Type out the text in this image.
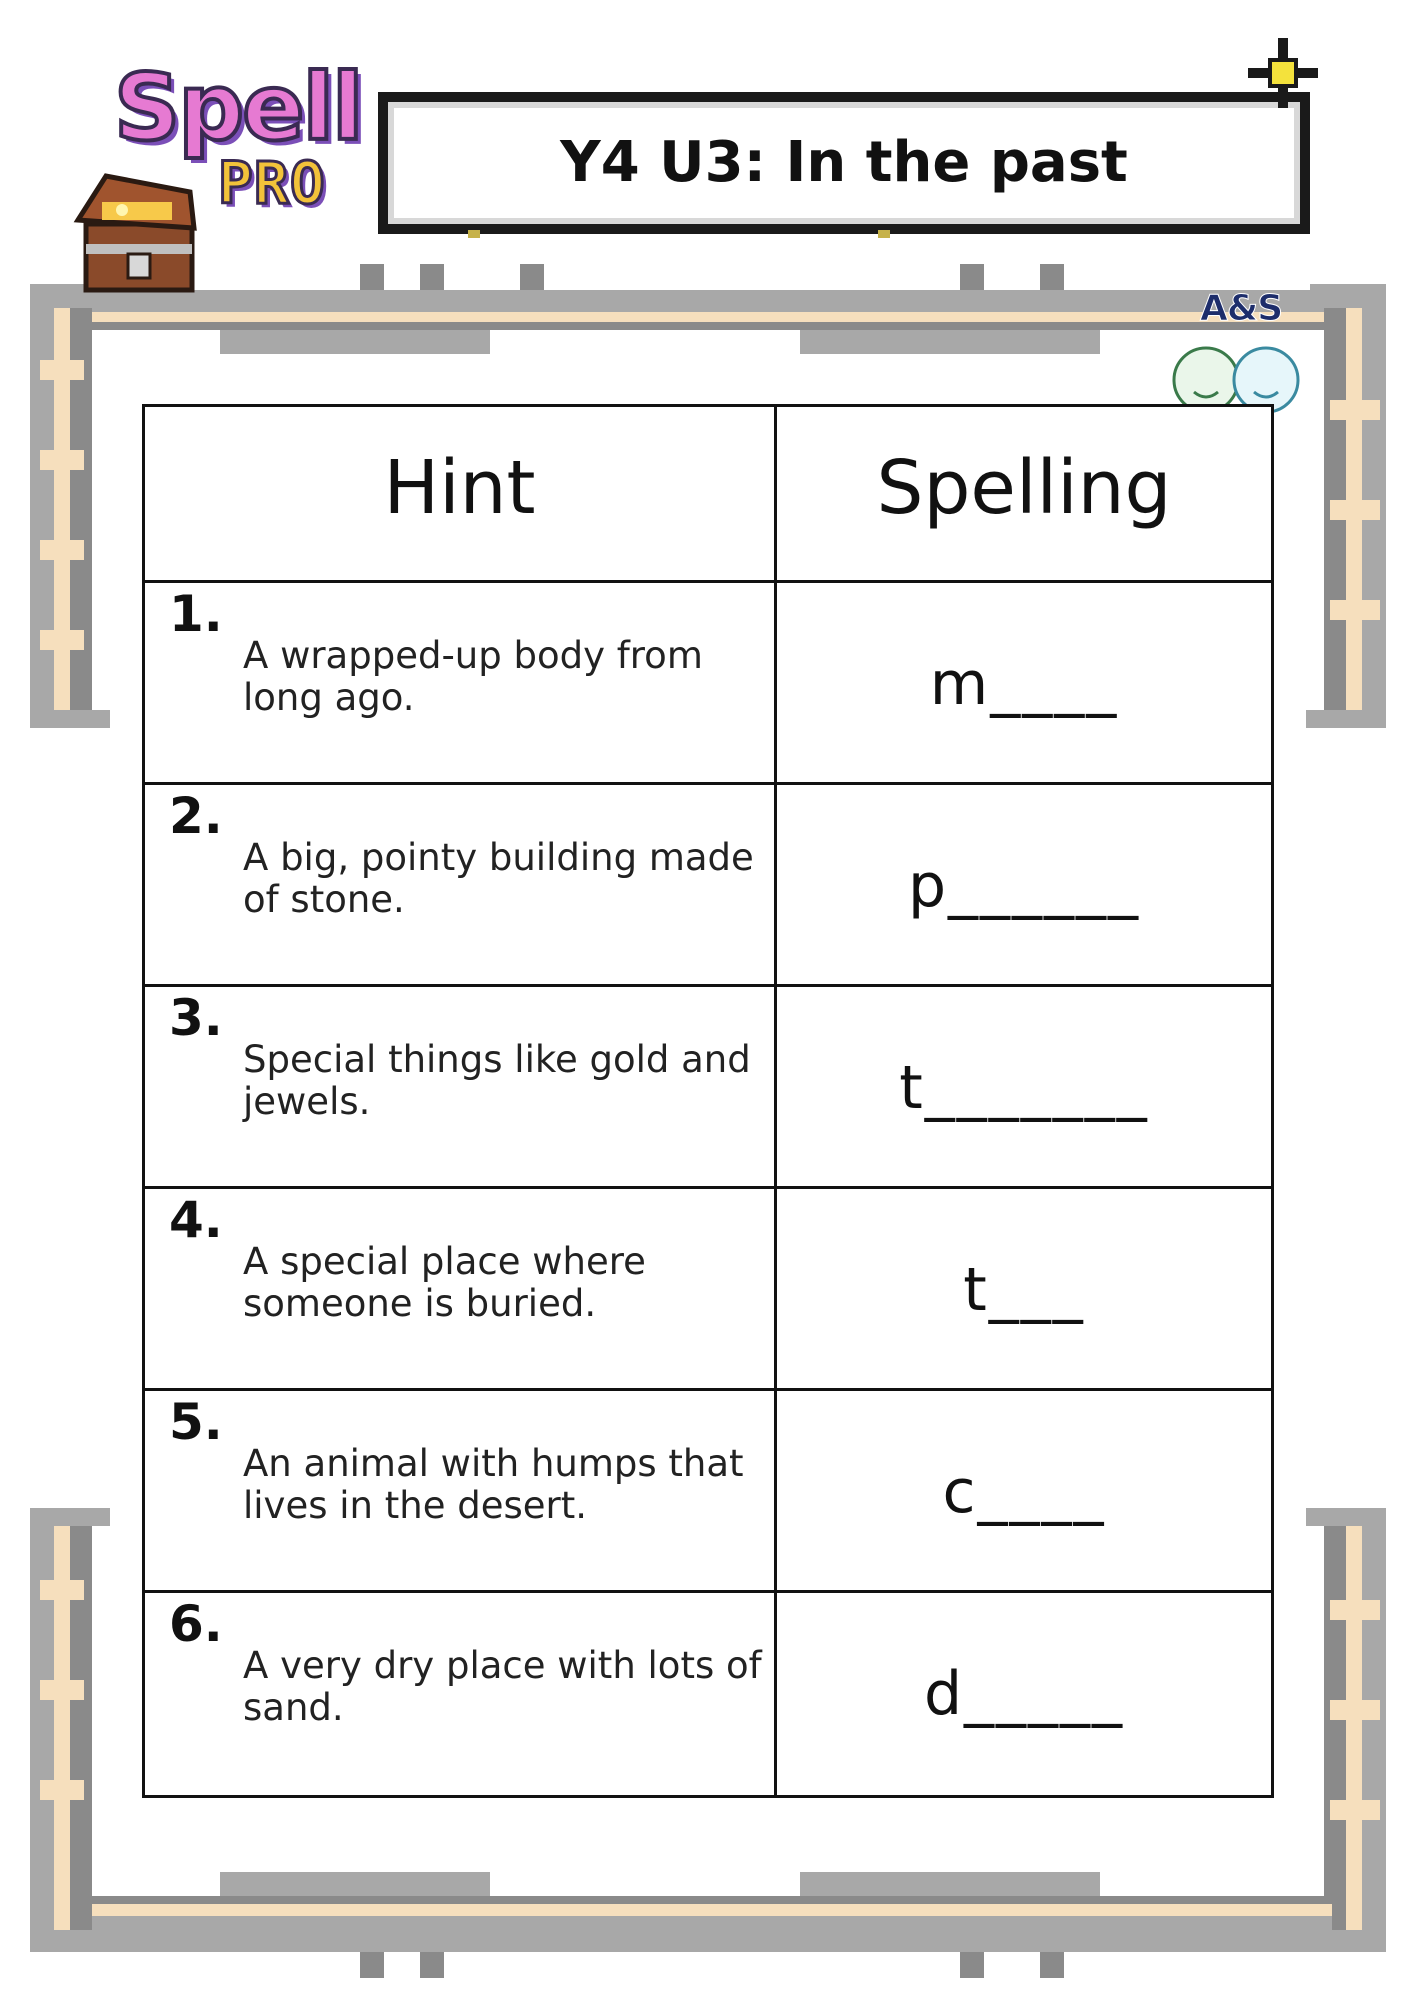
Spell
PRO	Y4 U3: In the past
A&S
Hint	Spelling
1.
A wrapped-up body from long ago.	m____
2.
A big, pointy building made of stone.	p______
3.
Special things like gold and jewels.	t_______
4.
A special place where someone is buried.	t___
5.
An animal with humps that lives in the desert.	c____
6.
A very dry place with lots of sand.	d_____
